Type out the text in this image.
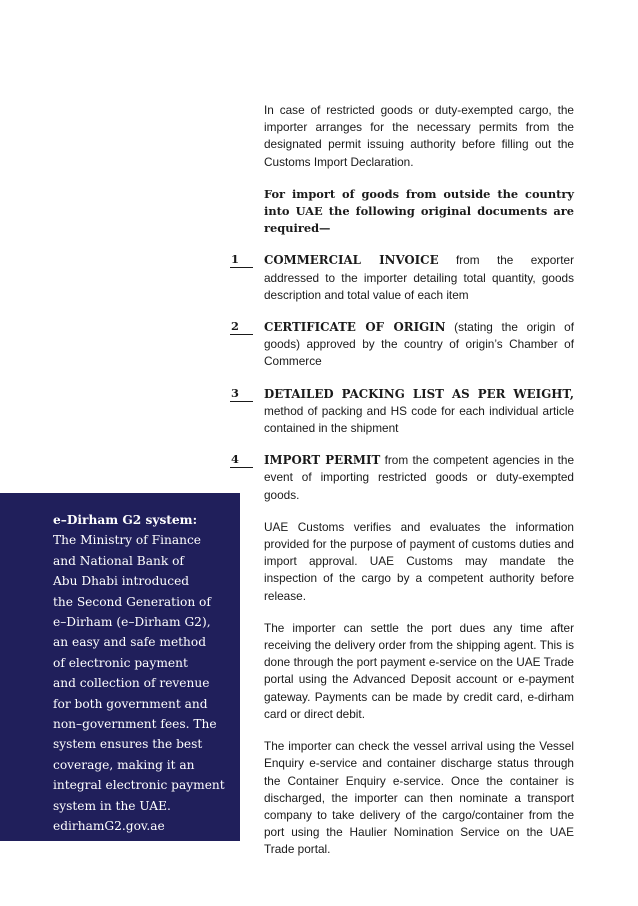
In case of restricted goods or duty-exempted cargo, the importer arranges for the necessary permits from the designated permit issuing authority before filling out the Customs Import Declaration.

For import of goods from outside the country into UAE the following original documents are required—

1	COMMERCIAL INVOICE from the exporter addressed to the importer detailing total quantity, goods description and total value of each item

2	CERTIFICATE OF ORIGIN (stating the origin of goods) approved by the country of origin’s Chamber of Commerce

3	DETAILED PACKING LIST AS PER WEIGHT, method of packing and HS code for each individual article contained in the shipment

4	IMPORT PERMIT from the competent agencies in the event of importing restricted goods or duty-exempted goods.

UAE Customs verifies and evaluates the information provided for the purpose of payment of customs duties and import approval. UAE Customs may mandate the inspection of the cargo by a competent authority before release.

The importer can settle the port dues any time after receiving the delivery order from the shipping agent. This is done through the port payment e-service on the UAE Trade portal using the Advanced Deposit account or e-payment gateway. Payments can be made by credit card, e-dirham card or direct debit.

The importer can check the vessel arrival using the Vessel Enquiry e-service and container discharge status through the Container Enquiry e-service. Once the container is discharged, the importer can then nominate a transport company to take delivery of the cargo/container from the port using the Haulier Nomination Service on the UAE Trade portal.

e–Dirham G2 system:
The Ministry of Finance
and National Bank of
Abu Dhabi introduced
the Second Generation of
e–Dirham (e–Dirham G2),
an easy and safe method
of electronic payment
and collection of revenue
for both government and
non–government fees. The
system ensures the best
coverage, making it an
integral electronic payment
system in the UAE.
edirhamG2.gov.ae
